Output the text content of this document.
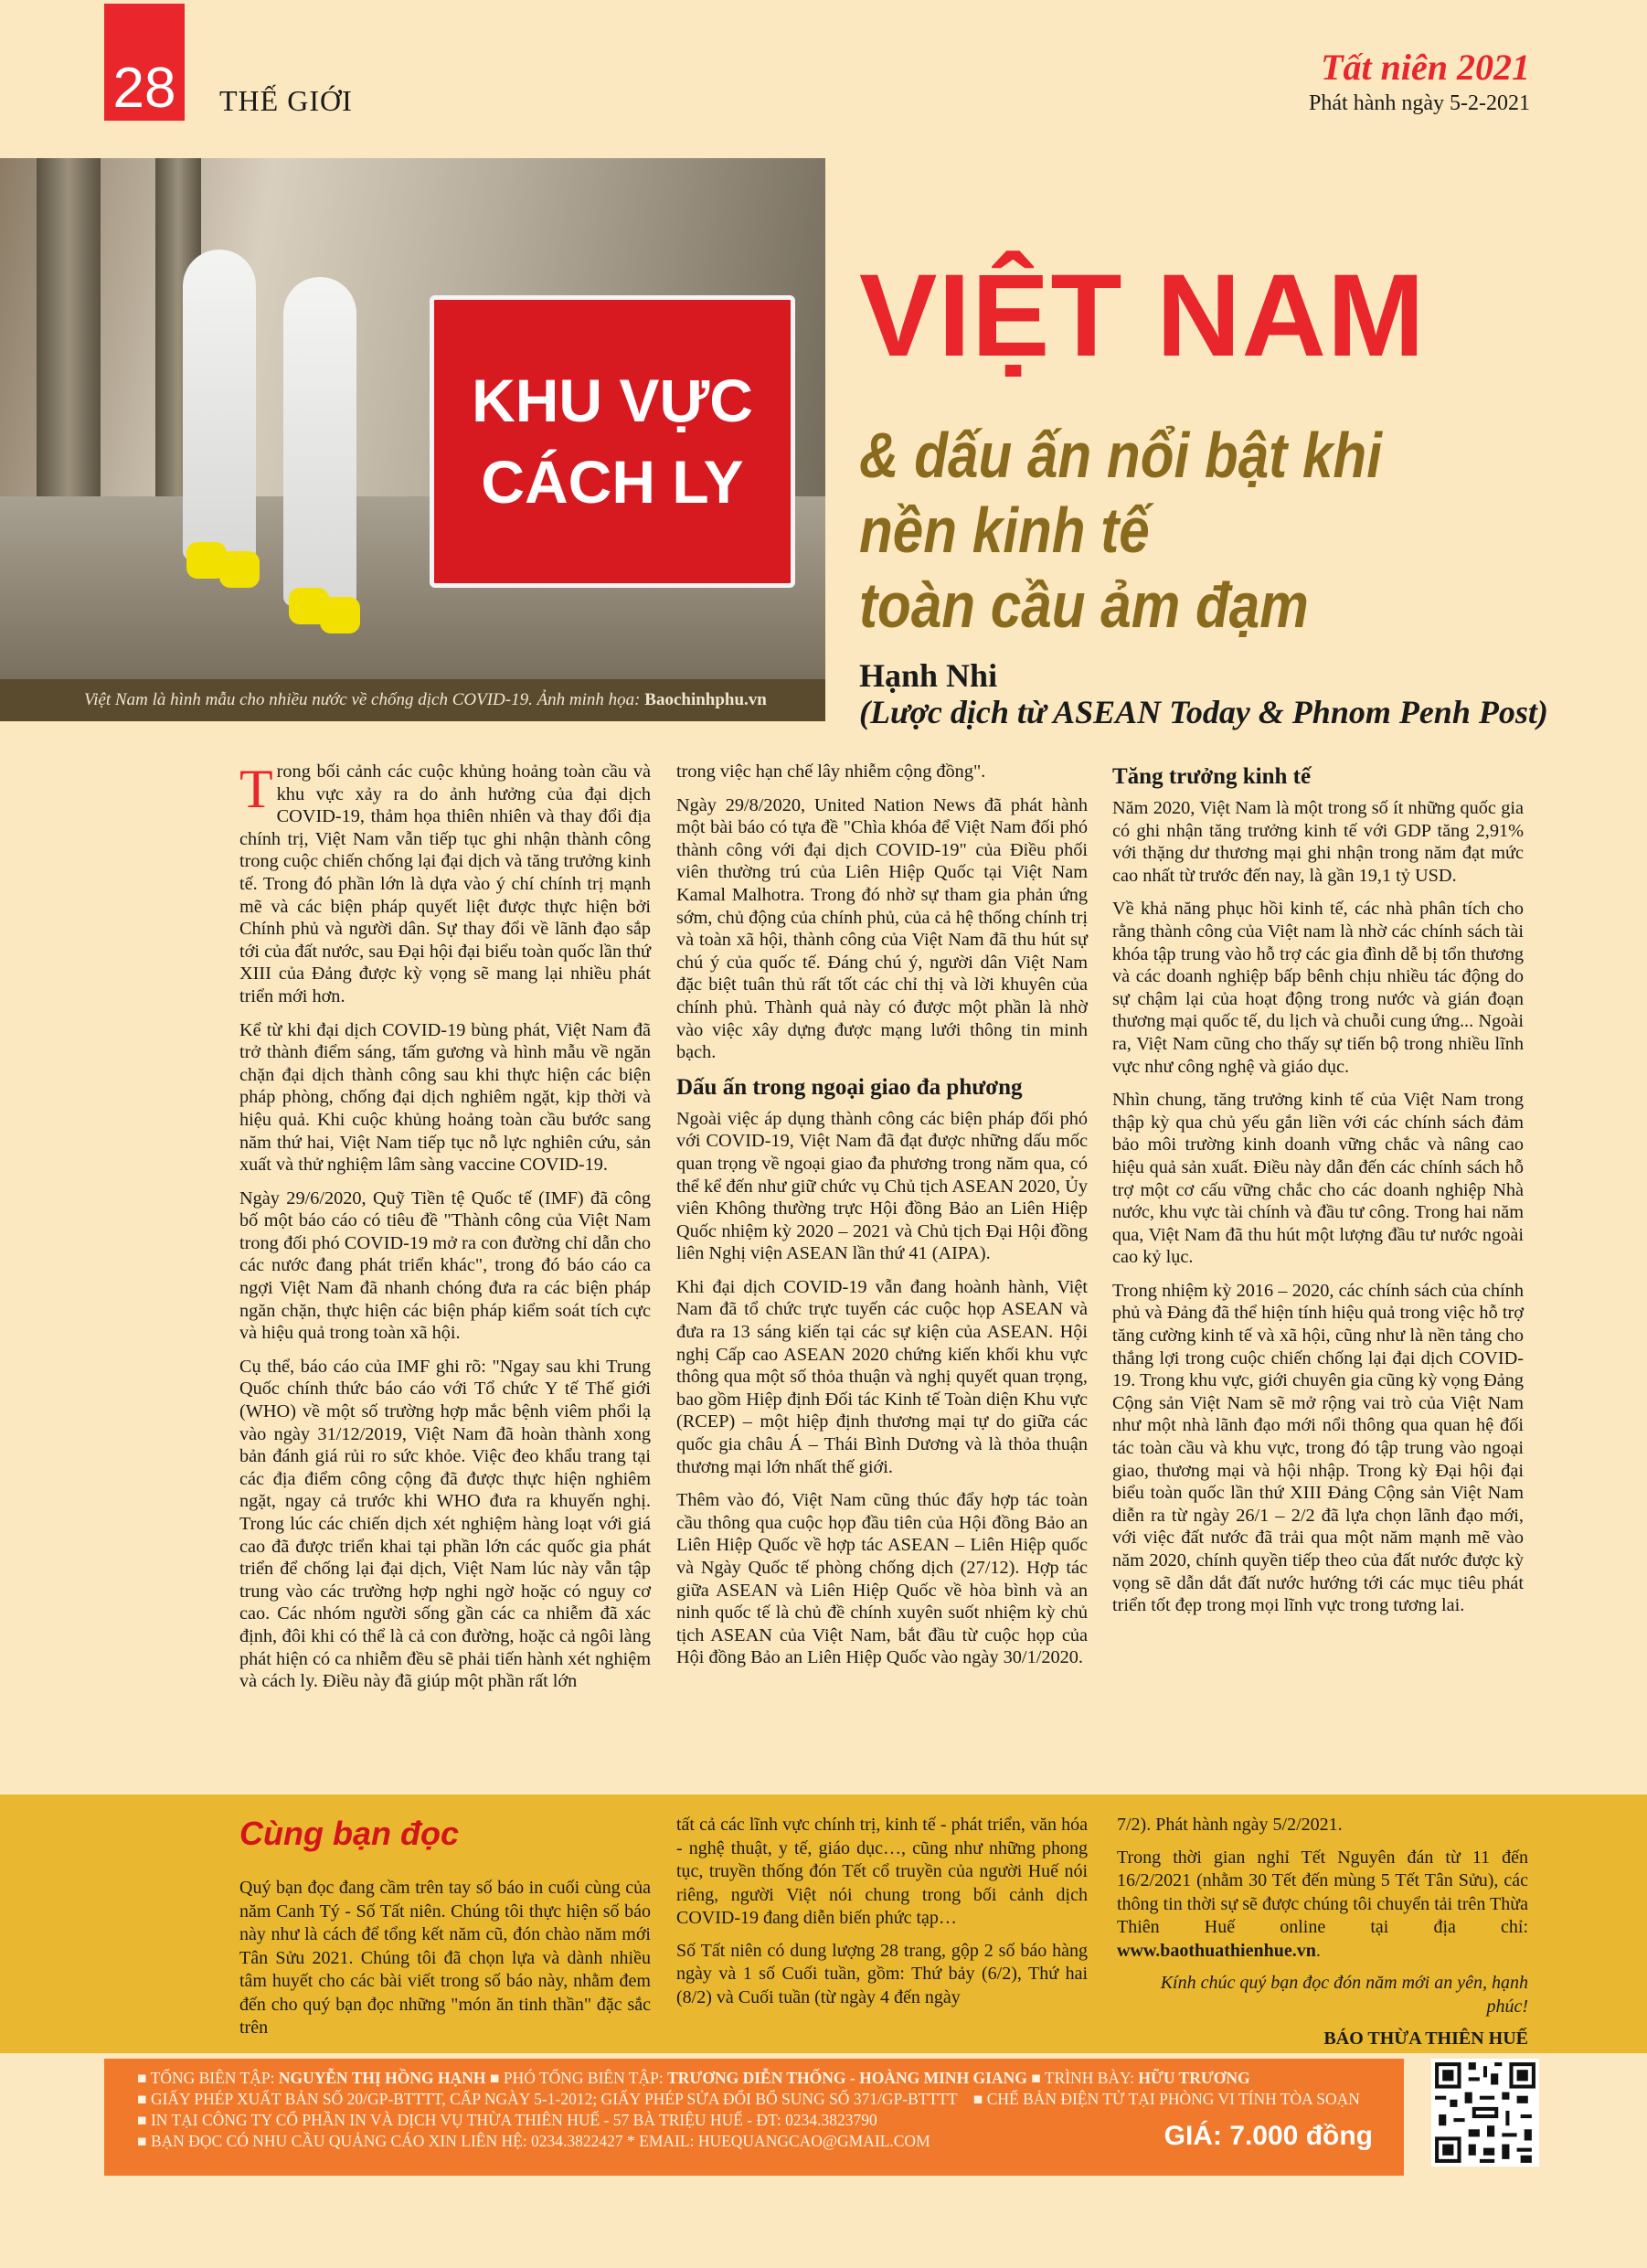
28 THẾ GIỚI
Tất niên 2021
Phát hành ngày 5-2-2021
KHU VỰC
CÁCH LY
Việt Nam là hình mẫu cho nhiều nước về chống dịch COVID-19. Ảnh minh họa: Baochinhphu.vn
VIỆT NAM
& dấu ấn nổi bật khi nền kinh tế
toàn cầu ảm đạm
Hạnh Nhi
(Lược dịch từ ASEAN Today & Phnom Penh Post)

Trong bối cảnh các cuộc khủng hoảng toàn cầu và khu vực xảy ra do ảnh hưởng của đại dịch COVID-19, thảm họa thiên nhiên và thay đổi địa chính trị, Việt Nam vẫn tiếp tục ghi nhận thành công trong cuộc chiến chống lại đại dịch và tăng trưởng kinh tế. Trong đó phần lớn là dựa vào ý chí chính trị mạnh mẽ và các biện pháp quyết liệt được thực hiện bởi Chính phủ và người dân. Sự thay đổi về lãnh đạo sắp tới của đất nước, sau Đại hội đại biểu toàn quốc lần thứ XIII của Đảng được kỳ vọng sẽ mang lại nhiều phát triển mới hơn.

Kể từ khi đại dịch COVID-19 bùng phát, Việt Nam đã trở thành điểm sáng, tấm gương và hình mẫu về ngăn chặn đại dịch thành công sau khi thực hiện các biện pháp phòng, chống đại dịch nghiêm ngặt, kịp thời và hiệu quả. Khi cuộc khủng hoảng toàn cầu bước sang năm thứ hai, Việt Nam tiếp tục nỗ lực nghiên cứu, sản xuất và thử nghiệm lâm sàng vaccine COVID-19.

Ngày 29/6/2020, Quỹ Tiền tệ Quốc tế (IMF) đã công bố một báo cáo có tiêu đề "Thành công của Việt Nam trong đối phó COVID-19 mở ra con đường chỉ dẫn cho các nước đang phát triển khác", trong đó báo cáo ca ngợi Việt Nam đã nhanh chóng đưa ra các biện pháp ngăn chặn, thực hiện các biện pháp kiểm soát tích cực và hiệu quả trong toàn xã hội.

Cụ thể, báo cáo của IMF ghi rõ: "Ngay sau khi Trung Quốc chính thức báo cáo với Tổ chức Y tế Thế giới (WHO) về một số trường hợp mắc bệnh viêm phổi lạ vào ngày 31/12/2019, Việt Nam đã hoàn thành xong bản đánh giá rủi ro sức khỏe. Việc đeo khẩu trang tại các địa điểm công cộng đã được thực hiện nghiêm ngặt, ngay cả trước khi WHO đưa ra khuyến nghị. Trong lúc các chiến dịch xét nghiệm hàng loạt với giá cao đã được triển khai tại phần lớn các quốc gia phát triển để chống lại đại dịch, Việt Nam lúc này vẫn tập trung vào các trường hợp nghi ngờ hoặc có nguy cơ cao. Các nhóm người sống gần các ca nhiễm đã xác định, đôi khi có thể là cả con đường, hoặc cả ngôi làng phát hiện có ca nhiễm đều sẽ phải tiến hành xét nghiệm và cách ly. Điều này đã giúp một phần rất lớn

trong việc hạn chế lây nhiễm cộng đồng".

Ngày 29/8/2020, United Nation News đã phát hành một bài báo có tựa đề "Chìa khóa để Việt Nam đối phó thành công với đại dịch COVID-19" của Điều phối viên thường trú của Liên Hiệp Quốc tại Việt Nam Kamal Malhotra. Trong đó nhờ sự tham gia phản ứng sớm, chủ động của chính phủ, của cả hệ thống chính trị và toàn xã hội, thành công của Việt Nam đã thu hút sự chú ý của quốc tế. Đáng chú ý, người dân Việt Nam đặc biệt tuân thủ rất tốt các chỉ thị và lời khuyên của chính phủ. Thành quả này có được một phần là nhờ vào việc xây dựng được mạng lưới thông tin minh bạch.

Dấu ấn trong ngoại giao đa phương

Ngoài việc áp dụng thành công các biện pháp đối phó với COVID-19, Việt Nam đã đạt được những dấu mốc quan trọng về ngoại giao đa phương trong năm qua, có thể kể đến như giữ chức vụ Chủ tịch ASEAN 2020, Ủy viên Không thường trực Hội đồng Bảo an Liên Hiệp Quốc nhiệm kỳ 2020 – 2021 và Chủ tịch Đại Hội đồng liên Nghị viện ASEAN lần thứ 41 (AIPA).

Khi đại dịch COVID-19 vẫn đang hoành hành, Việt Nam đã tổ chức trực tuyến các cuộc họp ASEAN và đưa ra 13 sáng kiến tại các sự kiện của ASEAN. Hội nghị Cấp cao ASEAN 2020 chứng kiến khối khu vực thông qua một số thỏa thuận và nghị quyết quan trọng, bao gồm Hiệp định Đối tác Kinh tế Toàn diện Khu vực (RCEP) – một hiệp định thương mại tự do giữa các quốc gia châu Á – Thái Bình Dương và là thỏa thuận thương mại lớn nhất thế giới.

Thêm vào đó, Việt Nam cũng thúc đẩy hợp tác toàn cầu thông qua cuộc họp đầu tiên của Hội đồng Bảo an Liên Hiệp Quốc về hợp tác ASEAN – Liên Hiệp quốc và Ngày Quốc tế phòng chống dịch (27/12). Hợp tác giữa ASEAN và Liên Hiệp Quốc về hòa bình và an ninh quốc tế là chủ đề chính xuyên suốt nhiệm kỳ chủ tịch ASEAN của Việt Nam, bắt đầu từ cuộc họp của Hội đồng Bảo an Liên Hiệp Quốc vào ngày 30/1/2020.

Tăng trưởng kinh tế

Năm 2020, Việt Nam là một trong số ít những quốc gia có ghi nhận tăng trưởng kinh tế với GDP tăng 2,91% với thặng dư thương mại ghi nhận trong năm đạt mức cao nhất từ trước đến nay, là gần 19,1 tỷ USD.

Về khả năng phục hồi kinh tế, các nhà phân tích cho rằng thành công của Việt nam là nhờ các chính sách tài khóa tập trung vào hỗ trợ các gia đình dễ bị tổn thương và các doanh nghiệp bấp bênh chịu nhiều tác động do sự chậm lại của hoạt động trong nước và gián đoạn thương mại quốc tế, du lịch và chuỗi cung ứng... Ngoài ra, Việt Nam cũng cho thấy sự tiến bộ trong nhiều lĩnh vực như công nghệ và giáo dục.

Nhìn chung, tăng trưởng kinh tế của Việt Nam trong thập kỳ qua chủ yếu gắn liền với các chính sách đảm bảo môi trường kinh doanh vững chắc và nâng cao hiệu quả sản xuất. Điều này dẫn đến các chính sách hỗ trợ một cơ cấu vững chắc cho các doanh nghiệp Nhà nước, khu vực tài chính và đầu tư công. Trong hai năm qua, Việt Nam đã thu hút một lượng đầu tư nước ngoài cao kỷ lục.

Trong nhiệm kỳ 2016 – 2020, các chính sách của chính phủ và Đảng đã thể hiện tính hiệu quả trong việc hỗ trợ tăng cường kinh tế và xã hội, cũng như là nền tảng cho thắng lợi trong cuộc chiến chống lại đại dịch COVID-19. Trong khu vực, giới chuyên gia cũng kỳ vọng Đảng Cộng sản Việt Nam sẽ mở rộng vai trò của Việt Nam như một nhà lãnh đạo mới nổi thông qua quan hệ đối tác toàn cầu và khu vực, trong đó tập trung vào ngoại giao, thương mại và hội nhập. Trong kỳ Đại hội đại biểu toàn quốc lần thứ XIII Đảng Cộng sản Việt Nam diễn ra từ ngày 26/1 – 2/2 đã lựa chọn lãnh đạo mới, với việc đất nước đã trải qua một năm mạnh mẽ vào năm 2020, chính quyền tiếp theo của đất nước được kỳ vọng sẽ dẫn dắt đất nước hướng tới các mục tiêu phát triển tốt đẹp trong mọi lĩnh vực trong tương lai.

Cùng bạn đọc

Quý bạn đọc đang cầm trên tay số báo in cuối cùng của năm Canh Tý - Số Tất niên. Chúng tôi thực hiện số báo này như là cách để tổng kết năm cũ, đón chào năm mới Tân Sửu 2021. Chúng tôi đã chọn lựa và dành nhiều tâm huyết cho các bài viết trong số báo này, nhằm đem đến cho quý bạn đọc những "món ăn tinh thần" đặc sắc trên

tất cả các lĩnh vực chính trị, kinh tế - phát triển, văn hóa - nghệ thuật, y tế, giáo dục…, cũng như những phong tục, truyền thống đón Tết cổ truyền của người Huế nói riêng, người Việt nói chung trong bối cảnh dịch COVID-19 đang diễn biến phức tạp…

Số Tất niên có dung lượng 28 trang, gộp 2 số báo hàng ngày và 1 số Cuối tuần, gồm: Thứ bảy (6/2), Thứ hai (8/2) và Cuối tuần (từ ngày 4 đến ngày

7/2). Phát hành ngày 5/2/2021.

Trong thời gian nghỉ Tết Nguyên đán từ 11 đến 16/2/2021 (nhằm 30 Tết đến mùng 5 Tết Tân Sửu), các thông tin thời sự sẽ được chúng tôi chuyển tải trên Thừa Thiên Huế online tại địa chỉ: www.baothuathienhue.vn.

Kính chúc quý bạn đọc đón năm mới an yên, hạnh phúc!

BÁO THỪA THIÊN HUẾ

■ TỔNG BIÊN TẬP: NGUYỄN THỊ HỒNG HẠNH ■ PHÓ TỔNG BIÊN TẬP: TRƯƠNG DIỄN THỐNG - HOÀNG MINH GIANG ■ TRÌNH BÀY: HỮU TRƯƠNG
■ GIẤY PHÉP XUẤT BẢN SỐ 20/GP-BTTTT, CẤP NGÀY 5-1-2012; GIẤY PHÉP SỬA ĐỔI BỔ SUNG SỐ 371/GP-BTTTT    ■ CHẾ BẢN ĐIỆN TỬ TẠI PHÒNG VI TÍNH TÒA SOẠN
■ IN TẠI CÔNG TY CỔ PHẦN IN VÀ DỊCH VỤ THỪA THIÊN HUẾ - 57 BÀ TRIỆU HUẾ - ĐT: 0234.3823790
■ BẠN ĐỌC CÓ NHU CẦU QUẢNG CÁO XIN LIÊN HỆ: 0234.3822427 * EMAIL: HUEQUANGCAO@GMAIL.COM	GIÁ: 7.000 đồng
